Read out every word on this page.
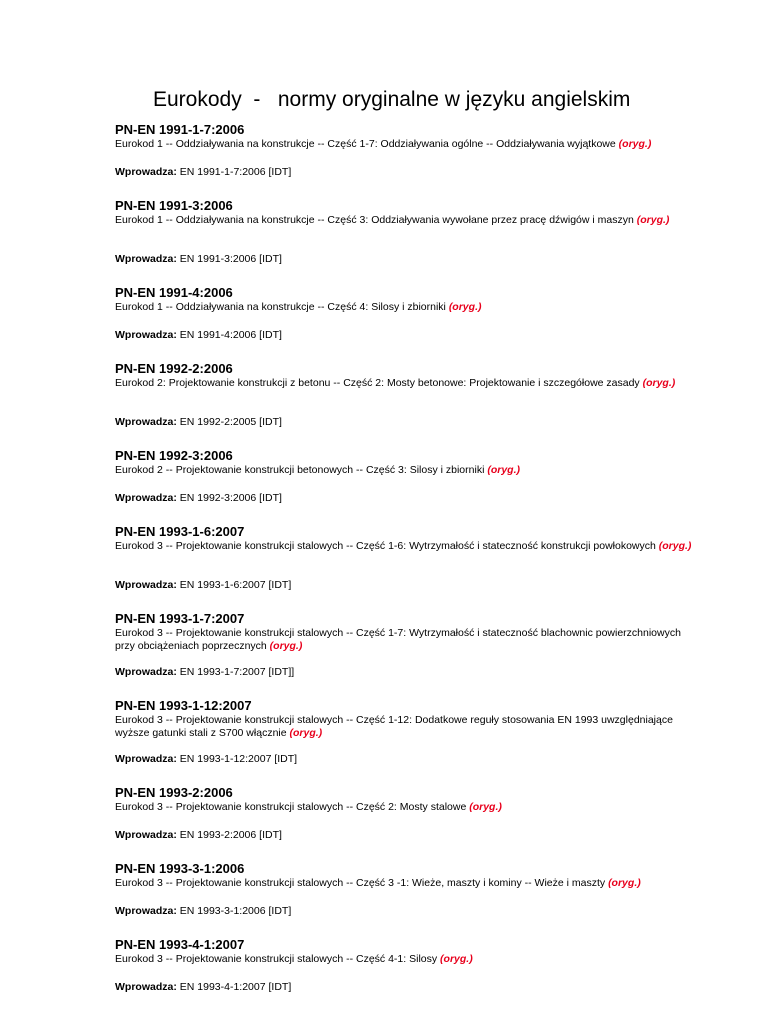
Eurokody  -   normy oryginalne w języku angielskim

PN-EN 1991-1-7:2006

Eurokod 1 -- Oddziaływania na konstrukcje -- Część 1-7: Oddziaływania ogólne -- Oddziaływania wyjątkowe (oryg.)

Wprowadza: EN 1991-1-7:2006 [IDT]

PN-EN 1991-3:2006

Eurokod 1 -- Oddziaływania na konstrukcje -- Część 3: Oddziaływania wywołane przez pracę dźwigów i maszyn (oryg.)

Wprowadza: EN 1991-3:2006 [IDT]

PN-EN 1991-4:2006

Eurokod 1 -- Oddziaływania na konstrukcje -- Część 4: Silosy i zbiorniki (oryg.)

Wprowadza: EN 1991-4:2006 [IDT]

PN-EN 1992-2:2006

Eurokod 2: Projektowanie konstrukcji z betonu -- Część 2: Mosty betonowe: Projektowanie i szczegółowe zasady (oryg.)

Wprowadza: EN 1992-2:2005 [IDT]

PN-EN 1992-3:2006

Eurokod 2 -- Projektowanie konstrukcji betonowych -- Część 3: Silosy i zbiorniki (oryg.)

Wprowadza: EN 1992-3:2006 [IDT]

PN-EN 1993-1-6:2007

Eurokod 3 -- Projektowanie konstrukcji stalowych -- Część 1-6: Wytrzymałość i stateczność konstrukcji powłokowych (oryg.)

Wprowadza: EN 1993-1-6:2007 [IDT]

PN-EN 1993-1-7:2007

Eurokod 3 -- Projektowanie konstrukcji stalowych -- Część 1-7: Wytrzymałość i stateczność blachownic powierzchniowych przy obciążeniach poprzecznych (oryg.)

Wprowadza: EN 1993-1-7:2007 [IDT]]

PN-EN 1993-1-12:2007

Eurokod 3 -- Projektowanie konstrukcji stalowych -- Część 1-12: Dodatkowe reguły stosowania EN 1993 uwzględniające wyższe gatunki stali z S700 włącznie (oryg.)

Wprowadza: EN 1993-1-12:2007 [IDT]

PN-EN 1993-2:2006

Eurokod 3 -- Projektowanie konstrukcji stalowych -- Część 2: Mosty stalowe (oryg.)

Wprowadza: EN 1993-2:2006 [IDT]

PN-EN 1993-3-1:2006

Eurokod 3 -- Projektowanie konstrukcji stalowych -- Część 3 -1: Wieże, maszty i kominy -- Wieże i maszty (oryg.)

Wprowadza: EN 1993-3-1:2006 [IDT]

PN-EN 1993-4-1:2007

Eurokod 3 -- Projektowanie konstrukcji stalowych -- Część 4-1: Silosy (oryg.)

Wprowadza: EN 1993-4-1:2007 [IDT]
